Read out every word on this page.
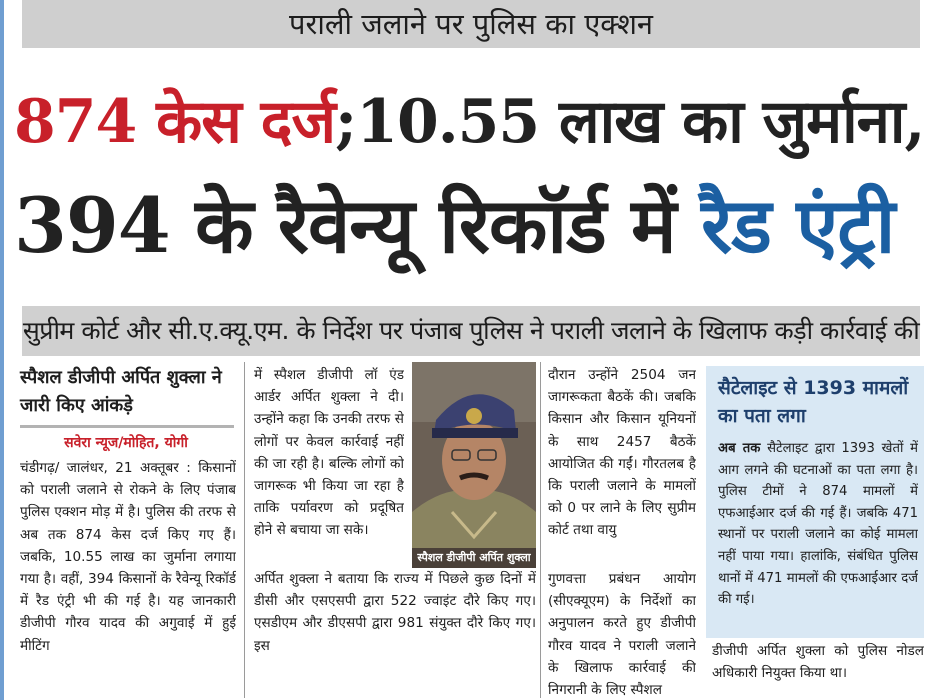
पराली जलाने पर पुलिस का एक्शन
874 केस दर्ज;10.55 लाख का जुर्माना,
394 के रैवेन्यू रिकॉर्ड में रैड एंट्री
सुप्रीम कोर्ट और सी.ए.क्यू.एम. के निर्देश पर पंजाब पुलिस ने पराली जलाने के खिलाफ कड़ी कार्रवाई की
स्पैशल डीजीपी अर्पित शुक्ला ने जारी किए आंकड़े
सवेरा न्यूज/मोहित, योगी
चंडीगढ़/ जालंधर, 21 अक्तूबर : किसानों को पराली जलाने से रोकने के लिए पंजाब पुलिस एक्शन मोड़ में है। पुलिस की तरफ से अब तक 874 केस दर्ज किए गए हैं। जबकि, 10.55 लाख का जुर्माना लगाया गया है। वहीं, 394 किसानों के रैवेन्यू रिकॉर्ड में रैड एंट्री भी की गई है। यह जानकारी डीजीपी गौरव यादव की अगुवाई में हुई मीटिंग
में स्पैशल डीजीपी लॉ एंड आर्डर अर्पित शुक्ला ने दी। उन्होंने कहा कि उनकी तरफ से लोगों पर केवल कार्रवाई नहीं की जा रही है। बल्कि लोगों को जागरूक भी किया जा रहा है ताकि पर्यावरण को प्रदूषित होने से बचाया जा सके।
स्पैशल डीजीपी अर्पित शुक्ला
अर्पित शुक्ला ने बताया कि राज्य में पिछले कुछ दिनों में डीसी और एसएसपी द्वारा 522 ज्वाइंट दौरे किए गए। एसडीएम और डीएसपी द्वारा 981 संयुक्त दौरे किए गए। इस
दौरान उन्होंने 2504 जन जागरूकता बैठकें की। जबकि किसान और किसान यूनियनों के साथ 2457 बैठकें आयोजित की गईं। गौरतलब है कि पराली जलाने के मामलों को 0 पर लाने के लिए सुप्रीम कोर्ट तथा वायु
गुणवत्ता प्रबंधन आयोग (सीएक्यूएम) के निर्देशों का अनुपालन करते हुए डीजीपी गौरव यादव ने पराली जलाने के खिलाफ कार्रवाई की निगरानी के लिए स्पैशल
सैटेलाइट से 1393 मामलों का पता लगा
अब तक सैटेलाइट द्वारा 1393 खेतों में आग लगने की घटनाओं का पता लगा है। पुलिस टीमों ने 874 मामलों में एफआईआर दर्ज की गई हैं। जबकि 471 स्थानों पर पराली जलाने का कोई मामला नहीं पाया गया। हालांकि, संबंधित पुलिस थानों में 471 मामलों की एफआईआर दर्ज की गई।
डीजीपी अर्पित शुक्ला को पुलिस नोडल अधिकारी नियुक्त किया था।
